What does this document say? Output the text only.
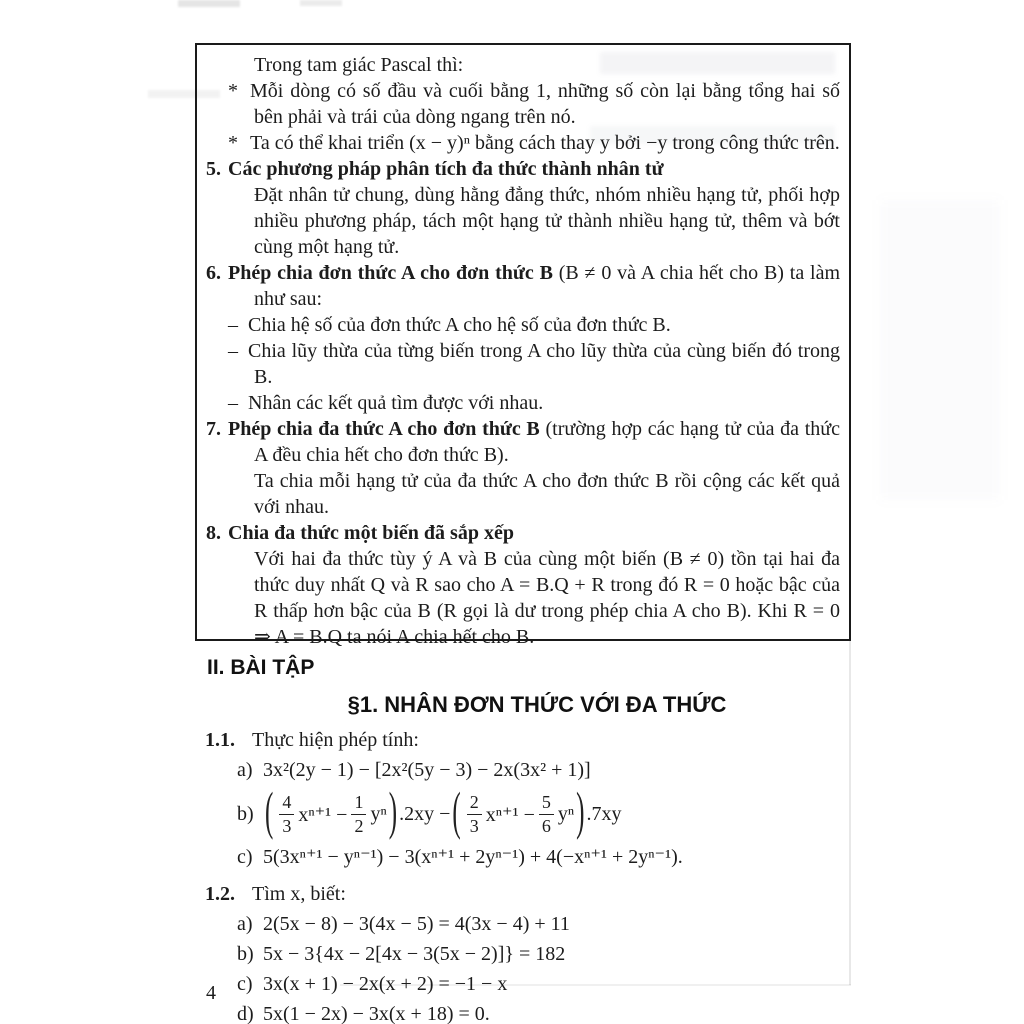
Trong tam giác Pascal thì:

* Mỗi dòng có số đầu và cuối bằng 1, những số còn lại bằng tổng hai số bên phải và trái của dòng ngang trên nó.

* Ta có thể khai triển (x − y)ⁿ bằng cách thay y bởi −y trong công thức trên.

5. Các phương pháp phân tích đa thức thành nhân tử

Đặt nhân tử chung, dùng hằng đẳng thức, nhóm nhiều hạng tử, phối hợp nhiều phương pháp, tách một hạng tử thành nhiều hạng tử, thêm và bớt cùng một hạng tử.

6. Phép chia đơn thức A cho đơn thức B (B ≠ 0 và A chia hết cho B) ta làm như sau:

– Chia hệ số của đơn thức A cho hệ số của đơn thức B.

– Chia lũy thừa của từng biến trong A cho lũy thừa của cùng biến đó trong B.

– Nhân các kết quả tìm được với nhau.

7. Phép chia đa thức A cho đơn thức B (trường hợp các hạng tử của đa thức A đều chia hết cho đơn thức B).

Ta chia mỗi hạng tử của đa thức A cho đơn thức B rồi cộng các kết quả với nhau.

8. Chia đa thức một biến đã sắp xếp

Với hai đa thức tùy ý A và B của cùng một biến (B ≠ 0) tồn tại hai đa thức duy nhất Q và R sao cho A = B.Q + R trong đó R = 0 hoặc bậc của R thấp hơn bậc của B (R gọi là dư trong phép chia A cho B). Khi R = 0 ⇒ A = B.Q ta nói A chia hết cho B.

II. BÀI TẬP

§1. NHÂN ĐƠN THỨC VỚI ĐA THỨC

1.1. Thực hiện phép tính:

a) 3x²(2y − 1) − [2x²(5y − 3) − 2x(3x² + 1)]

b) ( $\frac{4}{3} x^{n+1} - \frac{1}{2}$ yⁿ ) .2xy − ( $\frac{2}{3} x^{n+1} - \frac{5}{6}$ yⁿ ) .7xy

c) 5(3xⁿ⁺¹ − yⁿ⁻¹) − 3(xⁿ⁺¹ + 2yⁿ⁻¹) + 4(−xⁿ⁺¹ + 2yⁿ⁻¹).

1.2. Tìm x, biết:

a) 2(5x − 8) − 3(4x − 5) = 4(3x − 4) + 11

b) 5x − 3{4x − 2[4x − 3(5x − 2)]} = 182

c) 3x(x + 1) − 2x(x + 2) = −1 − x

d) 5x(1 − 2x) − 3x(x + 18) = 0.

4
